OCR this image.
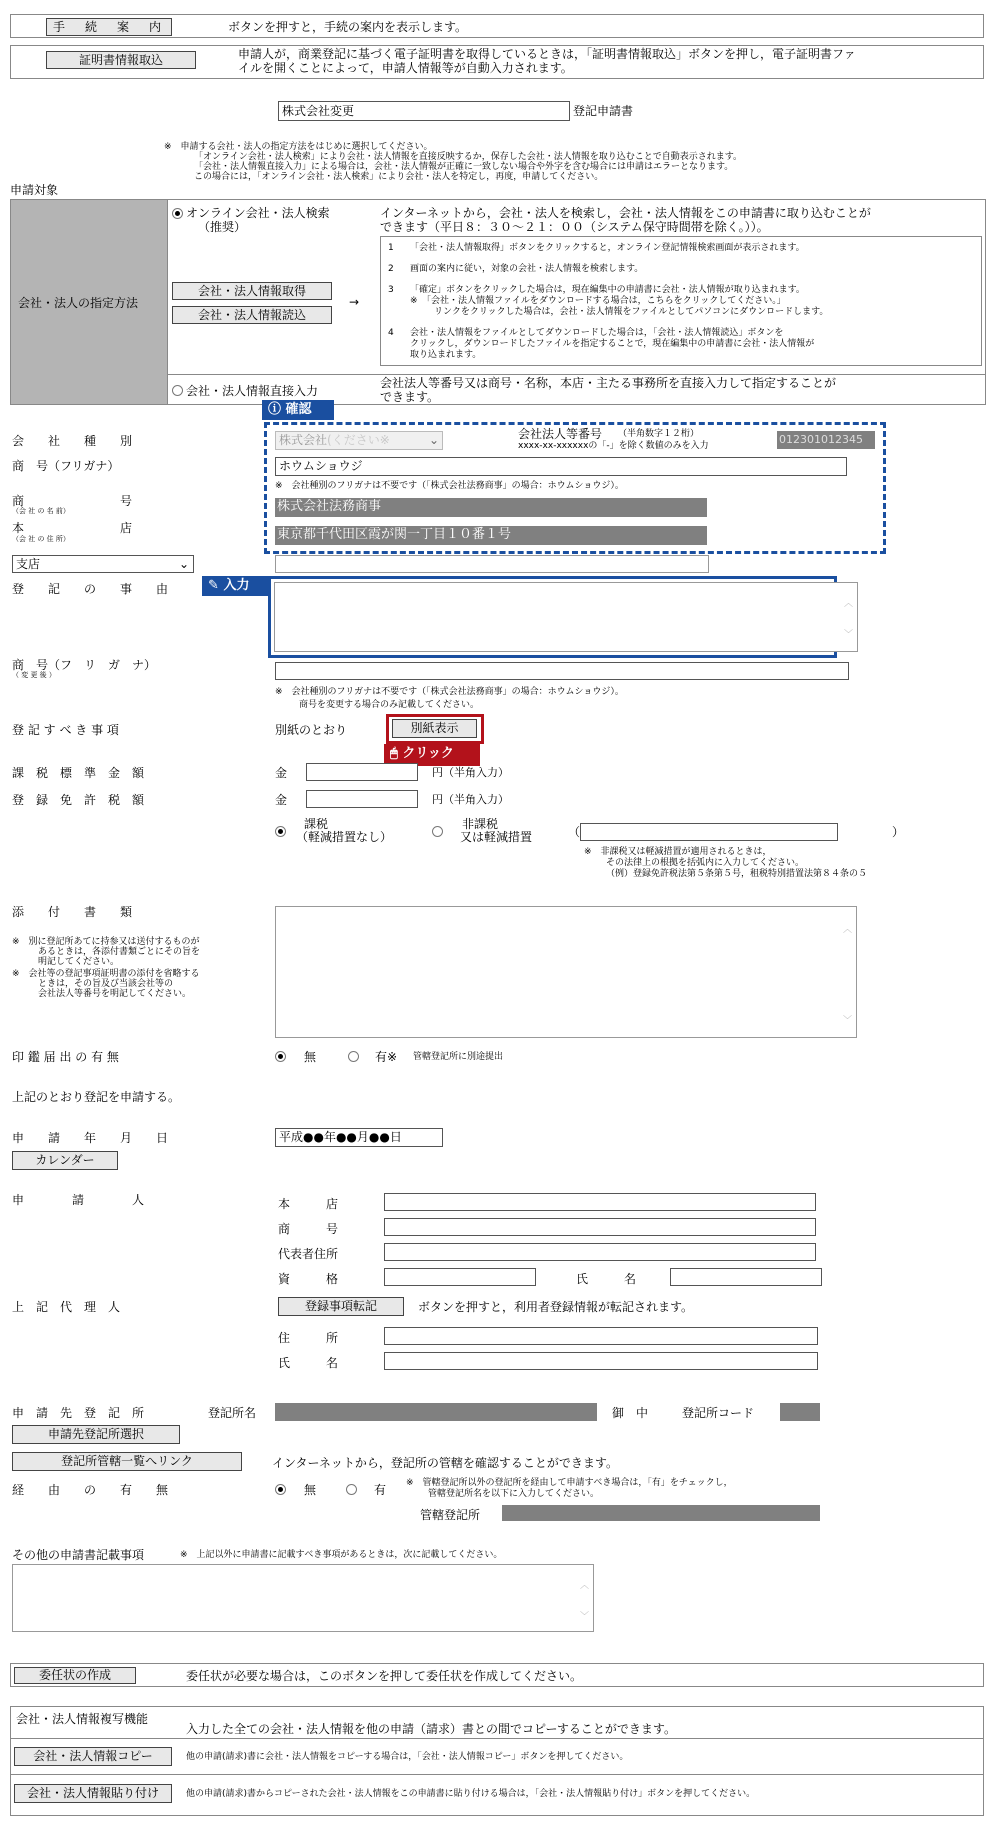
手　続　案　内	ボタンを押すと，手続の案内を表示します。
証明書情報取込	申請人が，商業登記に基づく電子証明書を取得しているときは，「証明書情報取込」ボタンを押し，電子証明書ファ
イルを開くことによって，申請人情報等が自動入力されます。
株式会社変更	登記申請書
※　申請する会社・法人の指定方法をはじめに選択してください。
「オンライン会社・法人検索」により会社・法人情報を直接反映するか，保存した会社・法人情報を取り込むことで自動表示されます。
「会社・法人情報直接入力」による場合は，会社・法人情報が正確に一致しない場合や外字を含む場合には申請はエラーとなります。
この場合には，「オンライン会社・法人検索」により会社・法人を特定し，再度，申請してください。
申請対象
会社・法人の指定方法
オンライン会社・法人検索
（推奨）
インターネットから，会社・法人を検索し，会社・法人情報をこの申請書に取り込むことが
できます（平日８：３０～２１：００（システム保守時間帯を除く。））。
会社・法人情報取得
会社・法人情報読込
→
1 「会社・法人情報取得」ボタンをクリックすると，オンライン登記情報検索画面が表示されます。
2 画面の案内に従い，対象の会社・法人情報を検索します。
3 「確定」ボタンをクリックした場合は，現在編集中の申請書に会社・法人情報が取り込まれます。
※　「会社・法人情報ファイルをダウンロードする場合は，こちらをクリックしてください。」
リンクをクリックした場合は，会社・法人情報をファイルとしてパソコンにダウンロードします。
4 会社・法人情報をファイルとしてダウンロードした場合は，「会社・法人情報読込」ボタンを
クリックし，ダウンロードしたファイルを指定することで，現在編集中の申請書に会社・法人情報が
取り込まれます。
会社・法人情報直接入力
会社法人等番号又は商号・名称，本店・主たる事務所を直接入力して指定することが
できます。
ⓘ 確認
会　　社　　種　　別	株式会社(ください※	⌄	会社法人等番号 （半角数字１２桁）
xxxx-xx-xxxxxxの「-」を除く数値のみを入力	012301012345
商　号（フリガナ）	ホウムショウジ
※　会社種別のフリガナは不要です（「株式会社法務商事」の場合：ホウムショウジ）。
商　　　　　　　　号
（会 社 の 名 前）	株式会社法務商事
本　　　　　　　　店
（会 社 の 住 所）	東京都千代田区霞が関一丁目１０番１号
支店	⌄
✎ 入力
登　　記　　の　　事　　由
︿
﹀
商　号（フ　リ　ガ　ナ）
（ 変 更 後 ）
※　会社種別のフリガナは不要です（「株式会社法務商事」の場合：ホウムショウジ）。
商号を変更する場合のみ記載してください。
登 記 す べ き 事 項	別紙のとおり	別紙表示
🖱 クリック
課　税　標　準　金　額	金	円（半角入力）
登　録　免　許　税　額	金	円（半角入力）
課税
（軽減措置なし）
非課税
又は軽減措置	（	）
※　非課税又は軽減措置が適用されるときは，
その法律上の根拠を括弧内に入力してください。
（例）登録免許税法第５条第５号，租税特別措置法第８４条の５
添　　付　　書　　類
※　別に登記所あてに持参又は送付するものが
あるときは，各添付書類ごとにその旨を
明記してください。
※　会社等の登記事項証明書の添付を省略する
ときは，その旨及び当該会社等の
会社法人等番号を明記してください。
︿
﹀
印 鑑 届 出 の 有 無	無	有※ 管轄登記所に別途提出
上記のとおり登記を申請する。
申　　請　　年　　月　　日	平成●●年●●月●●日
カレンダー
申　　　　請　　　　人	本　　　店
商　　　号
代表者住所
資　　　格	氏　　　名
上　記　代　理　人	登録事項転記	ボタンを押すと，利用者登録情報が転記されます。
住　　　所
氏　　　名
申　請　先　登　記　所	登記所名	御　中	登記所コード
申請先登記所選択
登記所管轄一覧へリンク	インターネットから，登記所の管轄を確認することができます。
経　　由　　の　　有　　無	無	有 ※　管轄登記所以外の登記所を経由して申請すべき場合は，「有」をチェックし，
管轄登記所名を以下に入力してください。
管轄登記所
その他の申請書記載事項	※　上記以外に申請書に記載すべき事項があるときは，次に記載してください。
︿
﹀
委任状の作成	委任状が必要な場合は，このボタンを押して委任状を作成してください。
会社・法人情報複写機能
入力した全ての会社・法人情報を他の申請（請求）書との間でコピーすることができます。
会社・法人情報コピー	他の申請(請求)書に会社・法人情報をコピーする場合は，「会社・法人情報コピー」ボタンを押してください。
会社・法人情報貼り付け	他の申請(請求)書からコピーされた会社・法人情報をこの申請書に貼り付ける場合は，「会社・法人情報貼り付け」ボタンを押してください。
